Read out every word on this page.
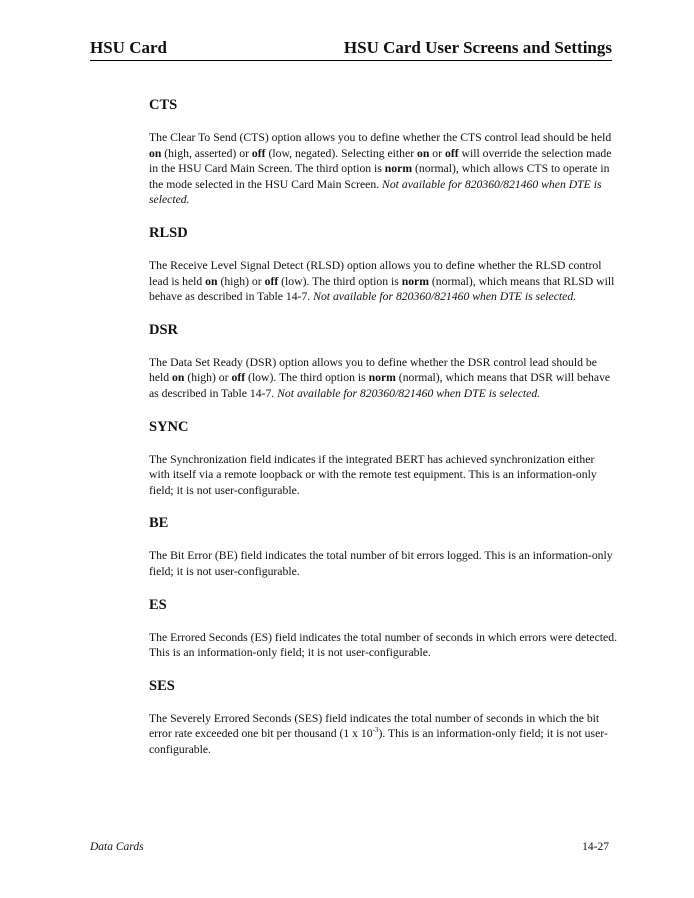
HSU Card	HSU Card User Screens and Settings
CTS

The Clear To Send (CTS) option allows you to define whether the CTS control lead should be held on (high, asserted) or off (low, negated). Selecting either on or off will override the selection made in the HSU Card Main Screen. The third option is norm (normal), which allows CTS to operate in the mode selected in the HSU Card Main Screen. Not available for 820360/821460 when DTE is selected.

RLSD

The Receive Level Signal Detect (RLSD) option allows you to define whether the RLSD control lead is held on (high) or off (low). The third option is norm (normal), which means that RLSD will behave as described in Table 14-7. Not available for 820360/821460 when DTE is selected.

DSR

The Data Set Ready (DSR) option allows you to define whether the DSR control lead should be held on (high) or off (low). The third option is norm (normal), which means that DSR will behave as described in Table 14-7. Not available for 820360/821460 when DTE is selected.

SYNC

The Synchronization field indicates if the integrated BERT has achieved synchronization either with itself via a remote loopback or with the remote test equipment. This is an information-only field; it is not user-configurable.

BE

The Bit Error (BE) field indicates the total number of bit errors logged. This is an information-only field; it is not user-configurable.

ES

The Errored Seconds (ES) field indicates the total number of seconds in which errors were detected. This is an information-only field; it is not user-configurable.

SES

The Severely Errored Seconds (SES) field indicates the total number of seconds in which the bit error rate exceeded one bit per thousand (1 x $10^{-3}$). This is an information-only field; it is not user-configurable.

Data Cards	14-27
